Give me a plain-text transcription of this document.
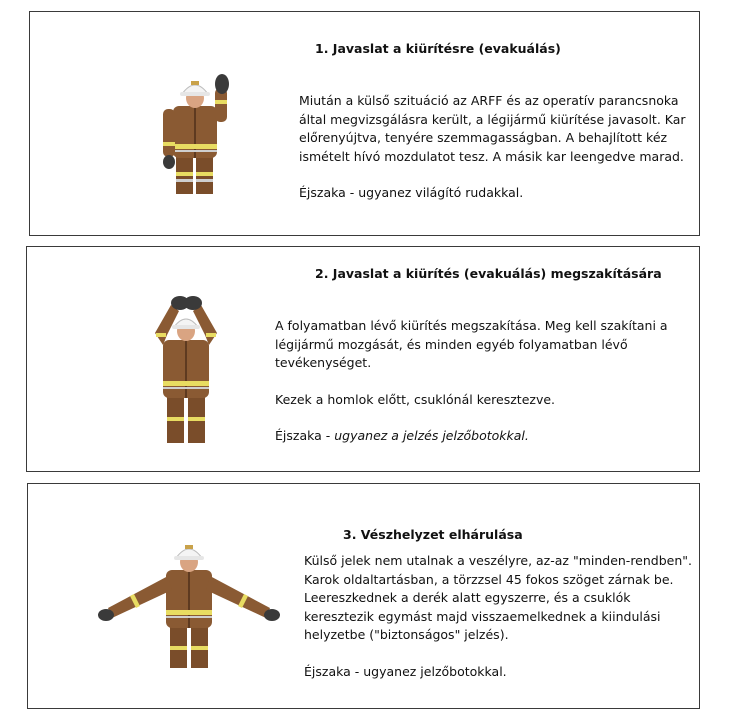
1. Javaslat a kiürítésre (evakuálás)

Miután a külső szituáció az ARFF és az operatív parancsnoka által megvizsgálásra került, a légijármű kiürítése javasolt. Kar előrenyújtva, tenyére szemmagasságban. A behajlított kéz ismételt hívó mozdulatot tesz. A másik kar leengedve marad.

Éjszaka - ugyanez világító rudakkal.

2. Javaslat a kiürítés (evakuálás) megszakítására

A folyamatban lévő kiürítés megszakítása. Meg kell szakítani a légijármű mozgását, és minden egyéb folyamatban lévő tevékenységet.

Kezek a homlok előtt, csuklónál keresztezve.

Éjszaka - ugyanez a jelzés jelzőbotokkal.

3. Vészhelyzet elhárulása

Külső jelek nem utalnak a veszélyre, az-az "minden-rendben". Karok oldaltartásban, a törzzsel 45 fokos szöget zárnak be. Leereszkednek a derék alatt egyszerre, és a csuklók keresztezik egymást majd visszaemelkednek a kiindulási helyzetbe ("biztonságos" jelzés).

Éjszaka - ugyanez jelzőbotokkal.
